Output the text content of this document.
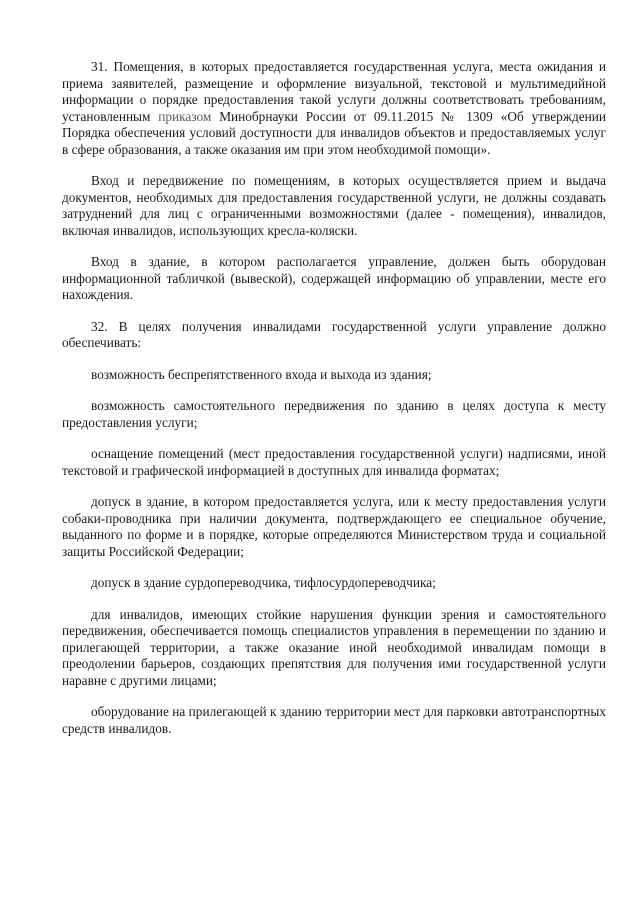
31. Помещения, в которых предоставляется государственная услуга, места ожидания и приема заявителей, размещение и оформление визуальной, текстовой и мультимедийной информации о порядке предоставления такой услуги должны соответствовать требованиям, установленным приказом Минобрнауки России от 09.11.2015 № 1309 «Об утверждении Порядка обеспечения условий доступности для инвалидов объектов и предоставляемых услуг в сфере образования, а также оказания им при этом необходимой помощи».

Вход и передвижение по помещениям, в которых осуществляется прием и выдача документов, необходимых для предоставления государственной услуги, не должны создавать затруднений для лиц с ограниченными возможностями (далее - помещения), инвалидов, включая инвалидов, использующих кресла-коляски.

Вход в здание, в котором располагается управление, должен быть оборудован информационной табличкой (вывеской), содержащей информацию об управлении, месте его нахождения.

32. В целях получения инвалидами государственной услуги управление должно обеспечивать:

возможность беспрепятственного входа и выхода из здания;

возможность самостоятельного передвижения по зданию в целях доступа к месту предоставления услуги;

оснащение помещений (мест предоставления государственной услуги) надписями, иной текстовой и графической информацией в доступных для инвалида форматах;

допуск в здание, в котором предоставляется услуга, или к месту предоставления услуги собаки-проводника при наличии документа, подтверждающего ее специальное обучение, выданного по форме и в порядке, которые определяются Министерством труда и социальной защиты Российской Федерации;

допуск в здание сурдопереводчика, тифлосурдопереводчика;

для инвалидов, имеющих стойкие нарушения функции зрения и самостоятельного передвижения, обеспечивается помощь специалистов управления в перемещении по зданию и прилегающей территории, а также оказание иной необходимой инвалидам помощи в преодолении барьеров, создающих препятствия для получения ими государственной услуги наравне с другими лицами;

оборудование на прилегающей к зданию территории мест для парковки автотранспортных средств инвалидов.
